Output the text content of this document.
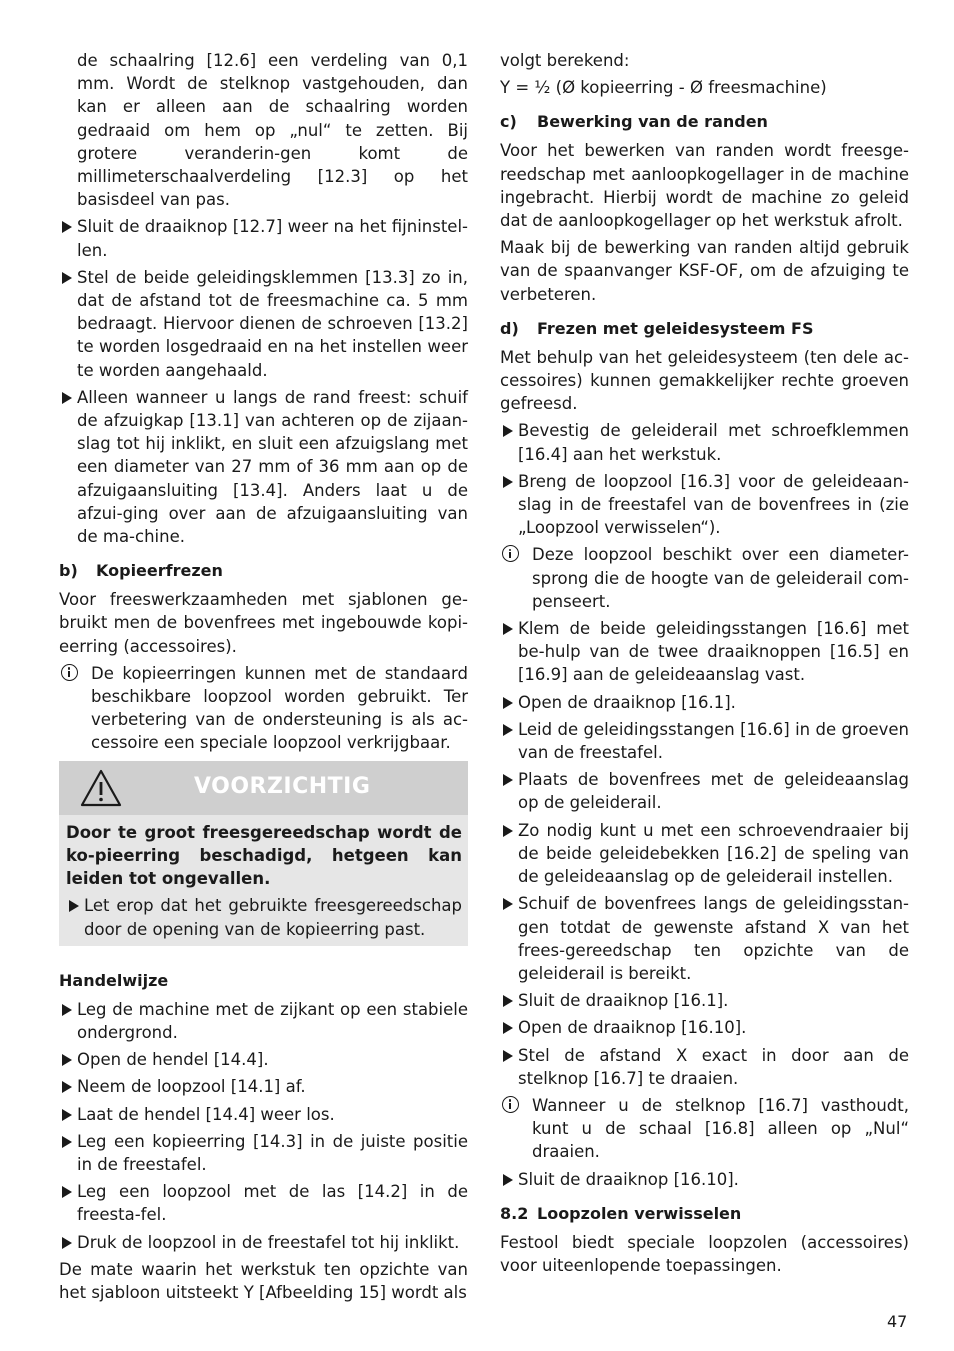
de schaalring [12.6] een verdeling van 0,1 mm. Wordt de stelknop vastgehouden, dan kan er alleen aan de schaalring worden gedraaid om hem op „nul“ te zetten. Bij grotere veranderin-gen komt de millimeterschaalverdeling [12.3] op het basisdeel van pas.

Sluit de draaiknop [12.7] weer na het fijninstel-len.
Stel de beide geleidingsklemmen [13.3] zo in, dat de afstand tot de freesmachine ca. 5 mm bedraagt. Hiervoor dienen de schroeven [13.2] te worden losgedraaid en na het instellen weer te worden aangehaald.
Alleen wanneer u langs de rand freest: schuif de afzuigkap [13.1] van achteren op de zijaan-slag tot hij inklikt, en sluit een afzuigslang met een diameter van 27 mm of 36 mm aan op de afzuigaansluiting [13.4]. Anders laat u de afzui-ging over aan de afzuigaansluiting van de ma-chine.
b) Kopieerfrezen

Voor freeswerkzaamheden met sjablonen ge-bruikt men de bovenfrees met ingebouwde kopi-eerring (accessoires).

De kopieerringen kunnen met de standaard beschikbare loopzool worden gebruikt. Ter verbetering van de ondersteuning is als ac-cessoire een speciale loopzool verkrijgbaar.
VOORZICHTIG

Door te groot freesgereedschap wordt de ko-pieerring beschadigd, hetgeen kan leiden tot ongevallen.

Let erop dat het gebruikte freesgereedschap door de opening van de kopieerring past.
Handelwijze
Leg de machine met de zijkant op een stabiele ondergrond.
Open de hendel [14.4].
Neem de loopzool [14.1] af.
Laat de hendel [14.4] weer los.
Leg een kopieerring [14.3] in de juiste positie in de freestafel.
Leg een loopzool met de las [14.2] in de freesta-fel.
Druk de loopzool in de freestafel tot hij inklikt.

De mate waarin het werkstuk ten opzichte van het sjabloon uitsteekt Y [Afbeelding 15] wordt als

volgt berekend:

Y = ½ (Ø kopieerring - Ø freesmachine)

c) Bewerking van de randen

Voor het bewerken van randen wordt freesge-reedschap met aanloopkogellager in de machine ingebracht. Hierbij wordt de machine zo geleid dat de aanloopkogellager op het werkstuk afrolt.

Maak bij de bewerking van randen altijd gebruik van de spaanvanger KSF-OF, om de afzuiging te verbeteren.

d) Frezen met geleidesysteem FS

Met behulp van het geleidesysteem (ten dele ac-cessoires) kunnen gemakkelijker rechte groeven gefreesd.

Bevestig de geleiderail met schroefklemmen [16.4] aan het werkstuk.
Breng de loopzool [16.3] voor de geleideaan-slag in de freestafel van de bovenfrees in (zie „Loopzool verwisselen“).
Deze loopzool beschikt over een diameter-sprong die de hoogte van de geleiderail com-penseert.
Klem de beide geleidingsstangen [16.6] met be-hulp van de twee draaiknoppen [16.5] en [16.9] aan de geleideaanslag vast.
Open de draaiknop [16.1].
Leid de geleidingsstangen [16.6] in de groeven van de freestafel.
Plaats de bovenfrees met de geleideaanslag op de geleiderail.
Zo nodig kunt u met een schroevendraaier bij de beide geleidebekken [16.2] de speling van de geleideaanslag op de geleiderail instellen.
Schuif de bovenfrees langs de geleidingsstan-gen totdat de gewenste afstand X van het frees-gereedschap ten opzichte van de geleiderail is bereikt.
Sluit de draaiknop [16.1].
Open de draaiknop [16.10].
Stel de afstand X exact in door aan de stelknop [16.7] te draaien.
Wanneer u de stelknop [16.7] vasthoudt, kunt u de schaal [16.8] alleen op „Nul“ draaien.
Sluit de draaiknop [16.10].
8.2 Loopzolen verwisselen

Festool biedt speciale loopzolen (accessoires) voor uiteenlopende toepassingen.

47
